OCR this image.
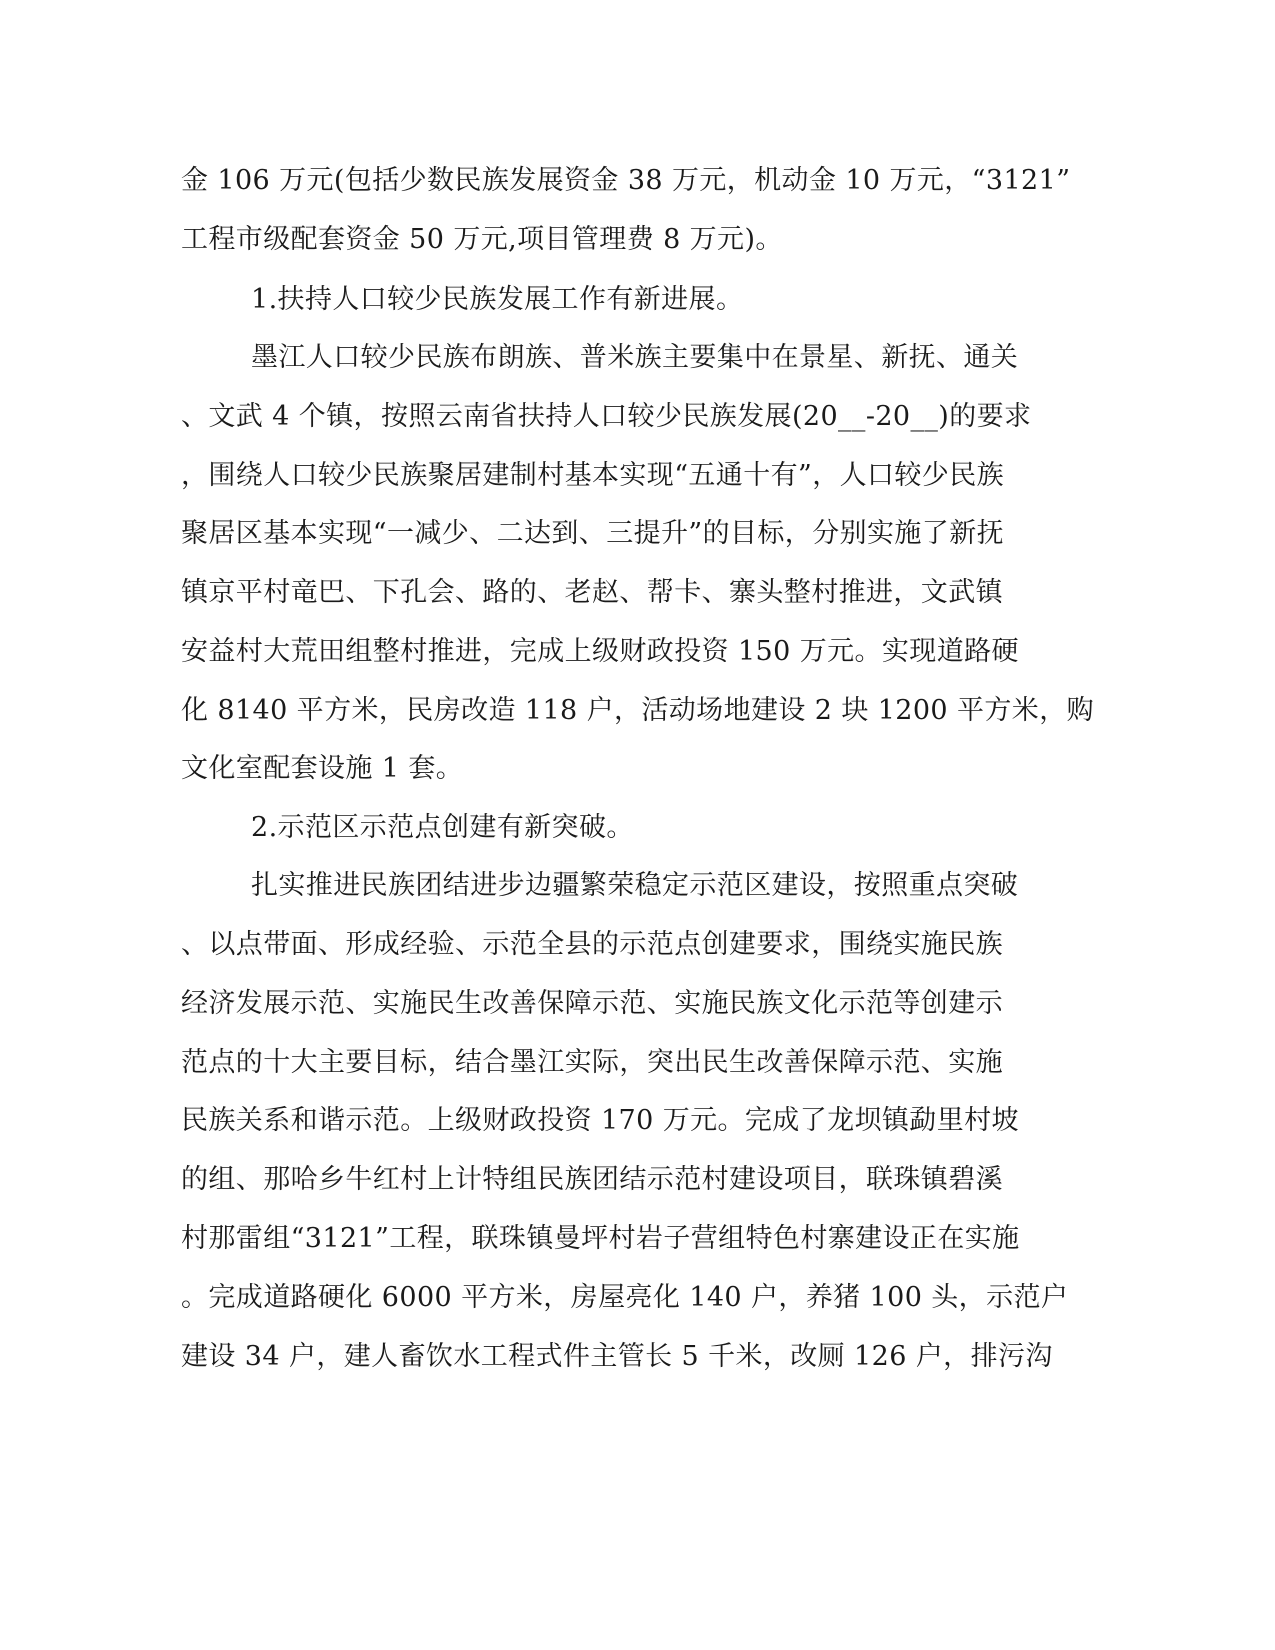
金 106 万元(包括少数民族发展资金 38 万元，机动金 10 万元，“3121”
工程市级配套资金 50 万元,项目管理费 8 万元)。
1.扶持人口较少民族发展工作有新进展。
墨江人口较少民族布朗族、普米族主要集中在景星、新抚、通关
、文武 4 个镇，按照云南省扶持人口较少民族发展(20__-20__)的要求
，围绕人口较少民族聚居建制村基本实现“五通十有”，人口较少民族
聚居区基本实现“一减少、二达到、三提升”的目标，分别实施了新抚
镇京平村竜巴、下孔会、路的、老赵、帮卡、寨头整村推进，文武镇
安益村大荒田组整村推进，完成上级财政投资 150 万元。实现道路硬
化 8140 平方米，民房改造 118 户，活动场地建设 2 块 1200 平方米，购
文化室配套设施 1 套。
2.示范区示范点创建有新突破。
扎实推进民族团结进步边疆繁荣稳定示范区建设，按照重点突破
、以点带面、形成经验、示范全县的示范点创建要求，围绕实施民族
经济发展示范、实施民生改善保障示范、实施民族文化示范等创建示
范点的十大主要目标，结合墨江实际，突出民生改善保障示范、实施
民族关系和谐示范。上级财政投资 170 万元。完成了龙坝镇勐里村坡
的组、那哈乡牛红村上计特组民族团结示范村建设项目，联珠镇碧溪
村那雷组“3121”工程，联珠镇曼坪村岩子营组特色村寨建设正在实施
。完成道路硬化 6000 平方米，房屋亮化 140 户，养猪 100 头，示范户
建设 34 户，建人畜饮水工程式件主管长 5 千米，改厕 126 户，排污沟
